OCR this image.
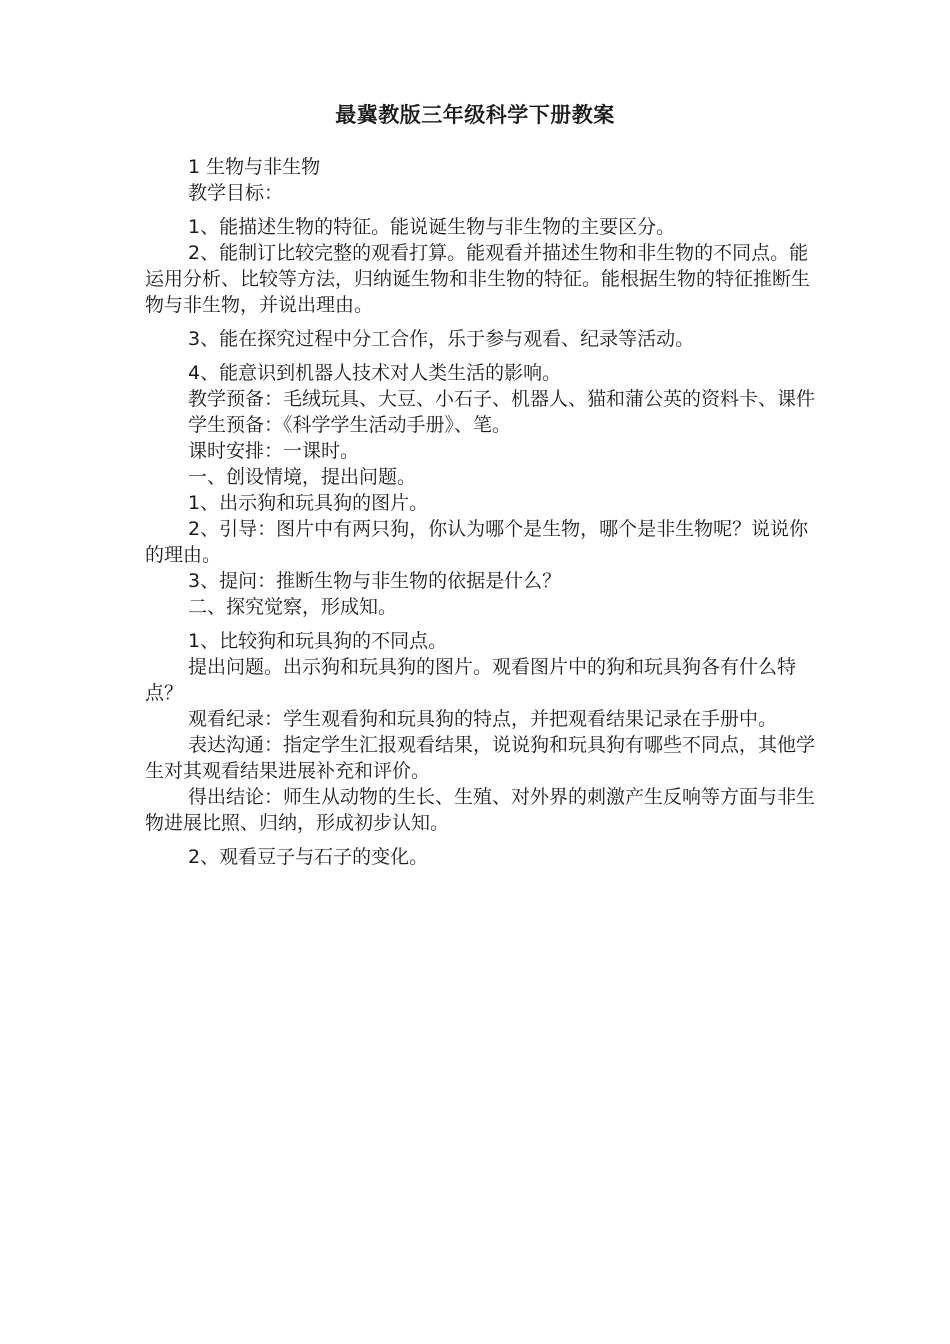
最冀教版三年级科学下册教案

1 生物与非生物

教学目标：

1、能描述生物的特征。能说诞生物与非生物的主要区分。

2、能制订比较完整的观看打算。能观看并描述生物和非生物的不同点。能运用分析、比较等方法，归纳诞生物和非生物的特征。能根据生物的特征推断生物与非生物，并说出理由。

3、能在探究过程中分工合作，乐于参与观看、纪录等活动。

4、能意识到机器人技术对人类生活的影响。

教学预备：毛绒玩具、大豆、小石子、机器人、猫和蒲公英的资料卡、课件

学生预备：《科学学生活动手册》、笔。

课时安排：一课时。

一、创设情境，提出问题。

1、出示狗和玩具狗的图片。

2、引导：图片中有两只狗，你认为哪个是生物，哪个是非生物呢？说说你的理由。

3、提问：推断生物与非生物的依据是什么？

二、探究觉察，形成知。

1、比较狗和玩具狗的不同点。

提出问题。出示狗和玩具狗的图片。观看图片中的狗和玩具狗各有什么特点？

观看纪录：学生观看狗和玩具狗的特点，并把观看结果记录在手册中。

表达沟通：指定学生汇报观看结果，说说狗和玩具狗有哪些不同点，其他学生对其观看结果进展补充和评价。

得出结论：师生从动物的生长、生殖、对外界的刺激产生反响等方面与非生物进展比照、归纳，形成初步认知。

2、观看豆子与石子的变化。
